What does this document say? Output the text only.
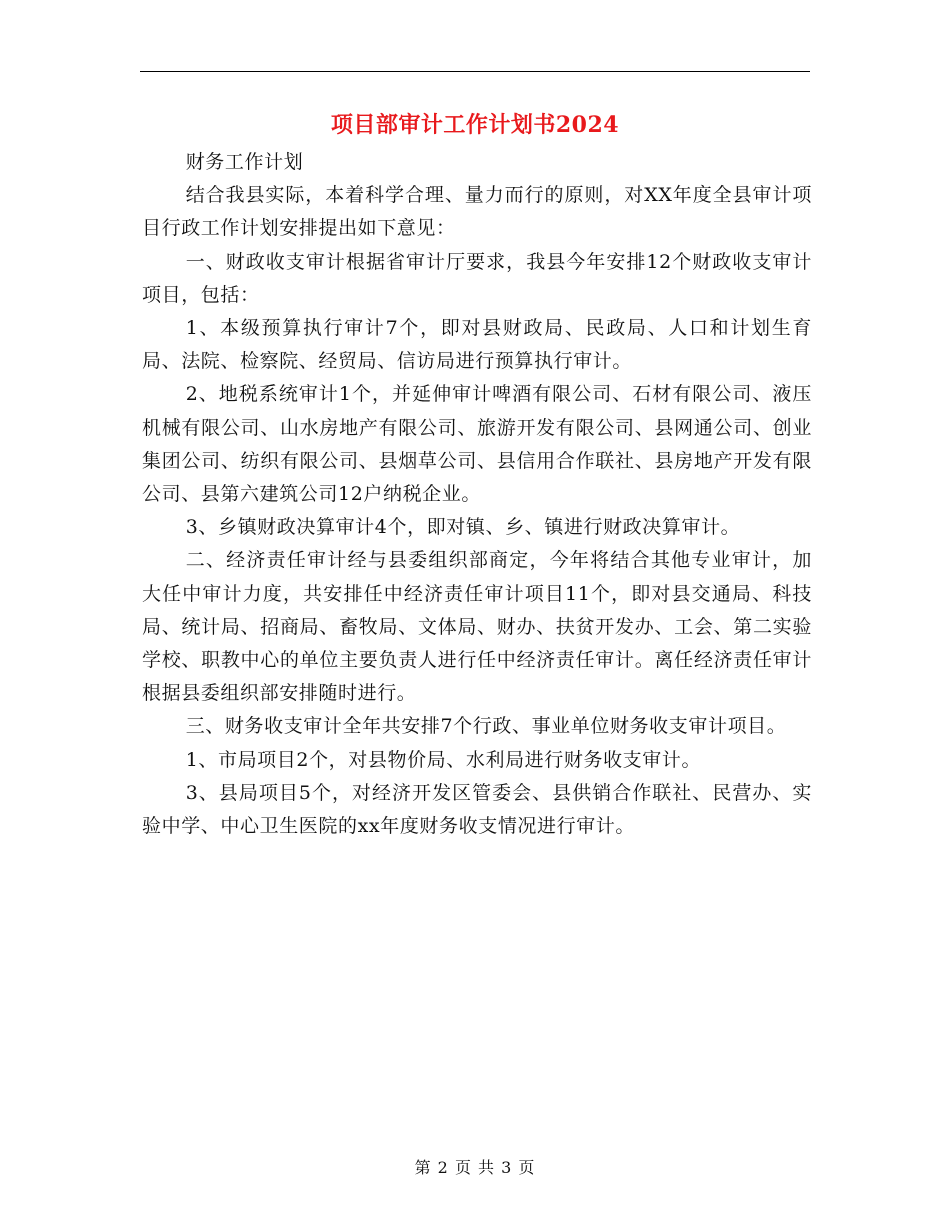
项目部审计工作计划书2024

财务工作计划

结合我县实际，本着科学合理、量力而行的原则，对XX年度全县审计项目行政工作计划安排提出如下意见：

一、财政收支审计根据省审计厅要求，我县今年安排12个财政收支审计项目，包括：

1、本级预算执行审计7个，即对县财政局、民政局、人口和计划生育局、法院、检察院、经贸局、信访局进行预算执行审计。

2、地税系统审计1个，并延伸审计啤酒有限公司、石材有限公司、液压机械有限公司、山水房地产有限公司、旅游开发有限公司、县网通公司、创业集团公司、纺织有限公司、县烟草公司、县信用合作联社、县房地产开发有限公司、县第六建筑公司12户纳税企业。

3、乡镇财政决算审计4个，即对镇、乡、镇进行财政决算审计。

二、经济责任审计经与县委组织部商定，今年将结合其他专业审计，加大任中审计力度，共安排任中经济责任审计项目11个，即对县交通局、科技局、统计局、招商局、畜牧局、文体局、财办、扶贫开发办、工会、第二实验学校、职教中心的单位主要负责人进行任中经济责任审计。离任经济责任审计根据县委组织部安排随时进行。

三、财务收支审计全年共安排7个行政、事业单位财务收支审计项目。

1、市局项目2个，对县物价局、水利局进行财务收支审计。

3、县局项目5个，对经济开发区管委会、县供销合作联社、民营办、实验中学、中心卫生医院的xx年度财务收支情况进行审计。

第 2 页 共 3 页
